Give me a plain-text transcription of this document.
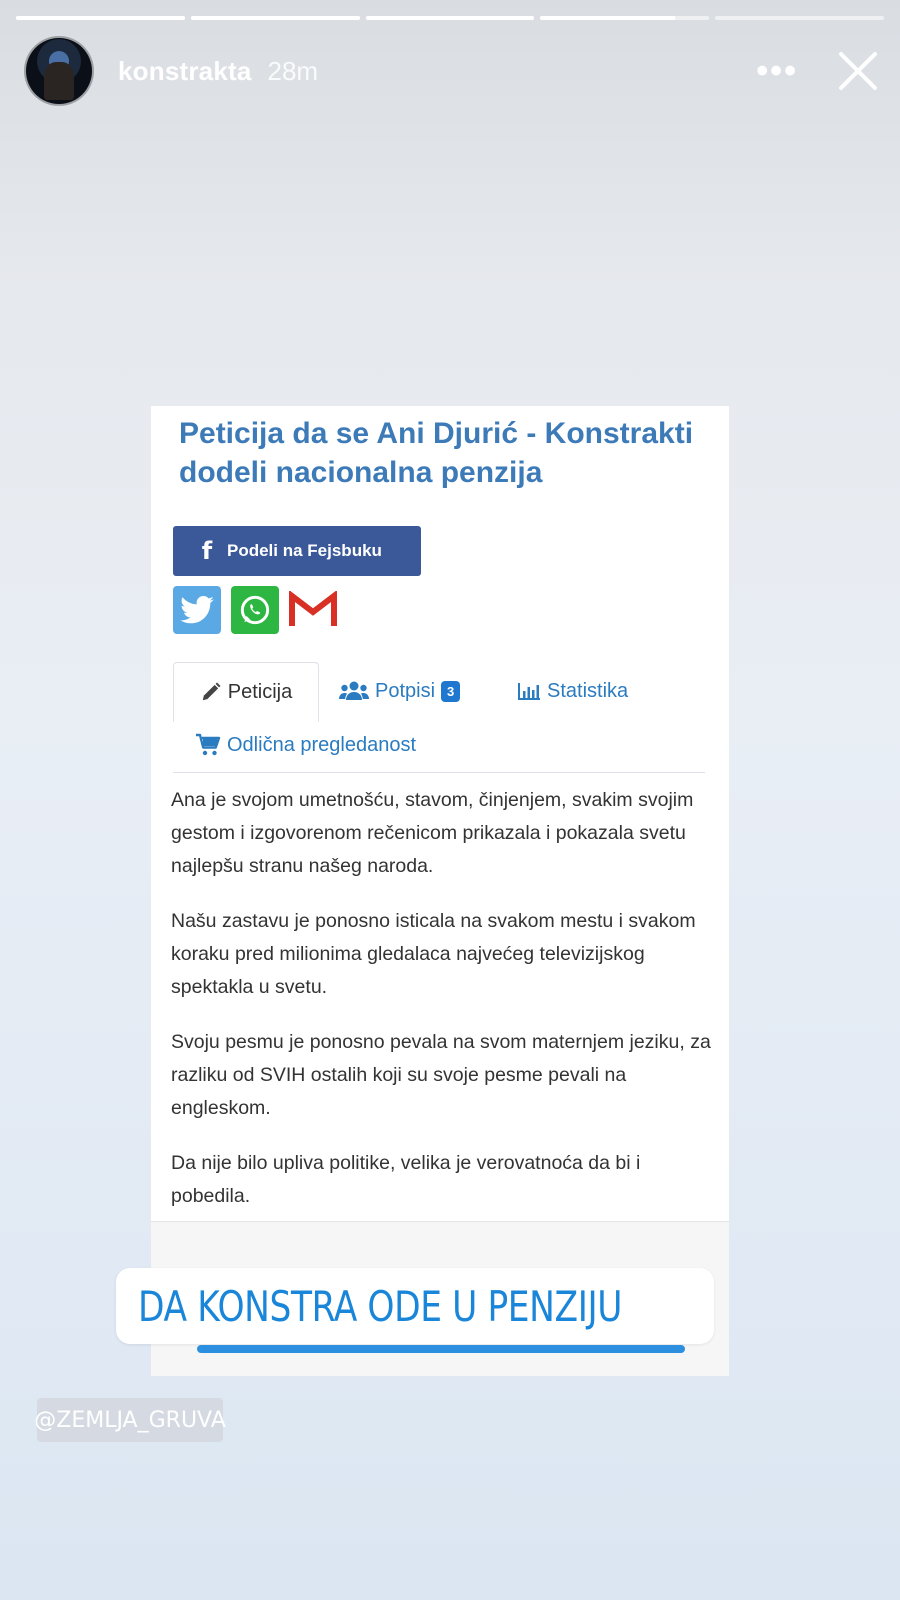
konstrakta 28m	•••
Peticija da se Ani Djurić - Konstrakti dodeli nacionalna penzija
f Podeli na Fejsbuku
Peticija	Potpisi 3	Statistika
Odlična pregledanost

Ana je svojom umetnošću, stavom, činjenjem, svakim svojim gestom i izgovorenom rečenicom prikazala i pokazala svetu najlepšu stranu našeg naroda.

Našu zastavu je ponosno isticala na svakom mestu i svakom koraku pred milionima gledalaca najvećeg televizijskog spektakla u svetu.

Svoju pesmu je ponosno pevala na svom maternjem jeziku, za razliku od SVIH ostalih koji su svoje pesme pevali na engleskom.

Da nije bilo upliva politike, velika je verovatnoća da bi i pobedila.

DA KONSTRA ODE U PENZIJU
@ZEMLJA_GRUVA
